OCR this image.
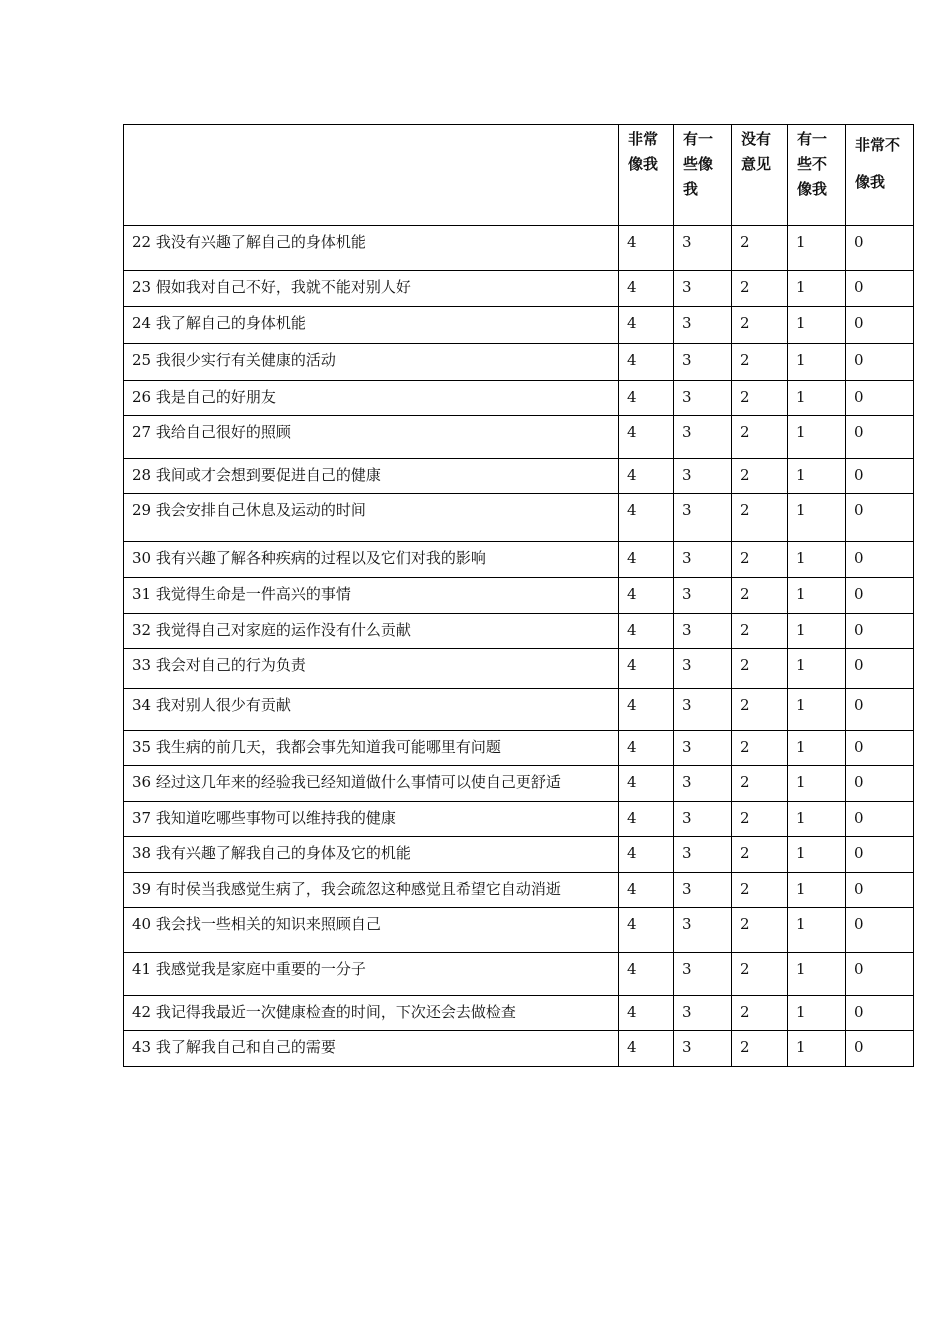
	非常像我	有一些像我	没有意见	有一些不像我	非常不像我

22 我没有兴趣了解自己的身体机能	4	3	2	1	0
23 假如我对自己不好，我就不能对别人好	4	3	2	1	0
24 我了解自己的身体机能	4	3	2	1	0
25 我很少实行有关健康的活动	4	3	2	1	0
26 我是自己的好朋友	4	3	2	1	0
27 我给自己很好的照顾	4	3	2	1	0
28 我间或才会想到要促进自己的健康	4	3	2	1	0
29 我会安排自己休息及运动的时间	4	3	2	1	0
30 我有兴趣了解各种疾病的过程以及它们对我的影响	4	3	2	1	0
31 我觉得生命是一件高兴的事情	4	3	2	1	0
32 我觉得自己对家庭的运作没有什么贡献	4	3	2	1	0
33 我会对自己的行为负责	4	3	2	1	0
34 我对别人很少有贡献	4	3	2	1	0
35 我生病的前几天，我都会事先知道我可能哪里有问题	4	3	2	1	0
36 经过这几年来的经验我已经知道做什么事情可以使自己更舒适	4	3	2	1	0
37 我知道吃哪些事物可以维持我的健康	4	3	2	1	0
38 我有兴趣了解我自己的身体及它的机能	4	3	2	1	0
39 有时侯当我感觉生病了，我会疏忽这种感觉且希望它自动消逝	4	3	2	1	0
40 我会找一些相关的知识来照顾自己	4	3	2	1	0
41 我感觉我是家庭中重要的一分子	4	3	2	1	0
42 我记得我最近一次健康检查的时间，下次还会去做检查	4	3	2	1	0
43 我了解我自己和自己的需要	4	3	2	1	0
